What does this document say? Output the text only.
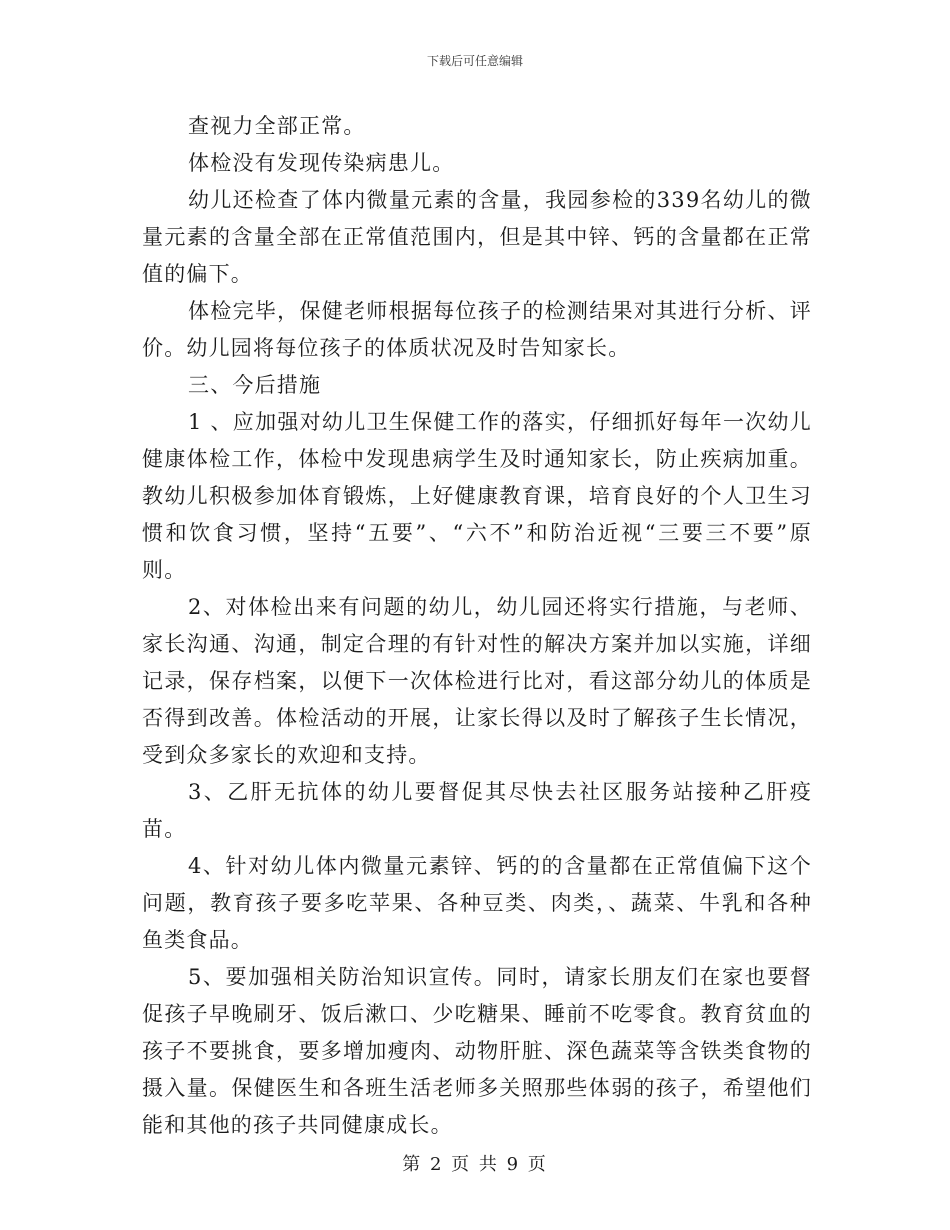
下载后可任意编辑

查视力全部正常。

体检没有发现传染病患儿。

幼儿还检查了体内微量元素的含量，我园参检的339名幼儿的微量元素的含量全部在正常值范围内，但是其中锌、钙的含量都在正常值的偏下。

体检完毕，保健老师根据每位孩子的检测结果对其进行分析、评价。幼儿园将每位孩子的体质状况及时告知家长。

三、今后措施

1 、应加强对幼儿卫生保健工作的落实，仔细抓好每年一次幼儿健康体检工作，体检中发现患病学生及时通知家长，防止疾病加重。教幼儿积极参加体育锻炼，上好健康教育课，培育良好的个人卫生习惯和饮食习惯，坚持“五要”、“六不”和防治近视“三要三不要”原则。

2、对体检出来有问题的幼儿，幼儿园还将实行措施，与老师、家长沟通、沟通，制定合理的有针对性的解决方案并加以实施，详细记录，保存档案，以便下一次体检进行比对，看这部分幼儿的体质是否得到改善。体检活动的开展，让家长得以及时了解孩子生长情况，受到众多家长的欢迎和支持。

3、乙肝无抗体的幼儿要督促其尽快去社区服务站接种乙肝疫苗。

4、针对幼儿体内微量元素锌、钙的的含量都在正常值偏下这个问题，教育孩子要多吃苹果、各种豆类、肉类，、蔬菜、牛乳和各种鱼类食品。

5、要加强相关防治知识宣传。同时，请家长朋友们在家也要督促孩子早晚刷牙、饭后漱口、少吃糖果、睡前不吃零食。教育贫血的孩子不要挑食，要多增加瘦肉、动物肝脏、深色蔬菜等含铁类食物的摄入量。保健医生和各班生活老师多关照那些体弱的孩子，希望他们能和其他的孩子共同健康成长。

第 2 页 共 9 页
